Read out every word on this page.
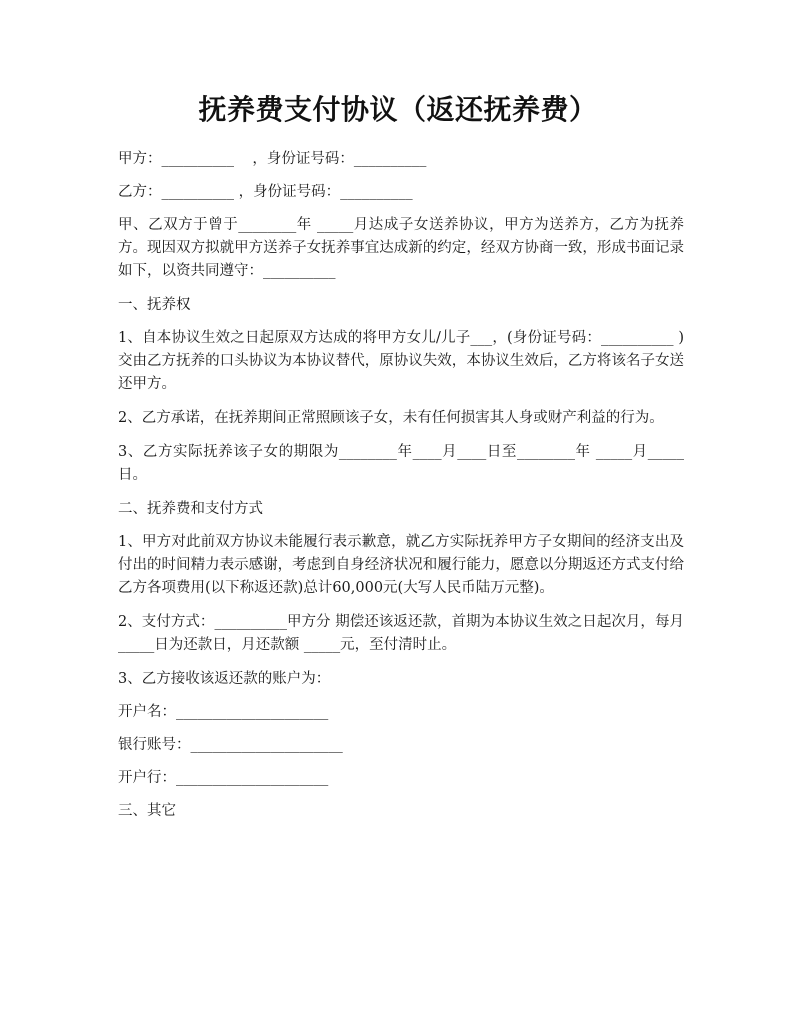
抚养费支付协议（返还抚养费）

甲方：__________    ，身份证号码：__________

乙方：__________ ，身份证号码：__________

甲、乙双方于曾于________年 _____月达成子女送养协议，甲方为送养方，乙方为抚养方。现因双方拟就甲方送养子女抚养事宜达成新的约定，经双方协商一致，形成书面记录如下，以资共同遵守：__________

一、抚养权

1、自本协议生效之日起原双方达成的将甲方女儿/儿子___，(身份证号码：__________ )交由乙方抚养的口头协议为本协议替代，原协议失效，本协议生效后，乙方将该名子女送还甲方。

2、乙方承诺，在抚养期间正常照顾该子女，未有任何损害其人身或财产利益的行为。

3、乙方实际抚养该子女的期限为________年____月____日至________年 _____月_____日。

二、抚养费和支付方式

1、甲方对此前双方协议未能履行表示歉意，就乙方实际抚养甲方子女期间的经济支出及付出的时间精力表示感谢，考虑到自身经济状况和履行能力，愿意以分期返还方式支付给乙方各项费用(以下称返还款)总计60,000元(大写人民币陆万元整)。

2、支付方式：__________甲方分 期偿还该返还款，首期为本协议生效之日起次月，每月 _____日为还款日，月还款额 _____元，至付清时止。

3、乙方接收该返还款的账户为：

开户名：_____________________

银行账号：_____________________

开户行：_____________________

三、其它
